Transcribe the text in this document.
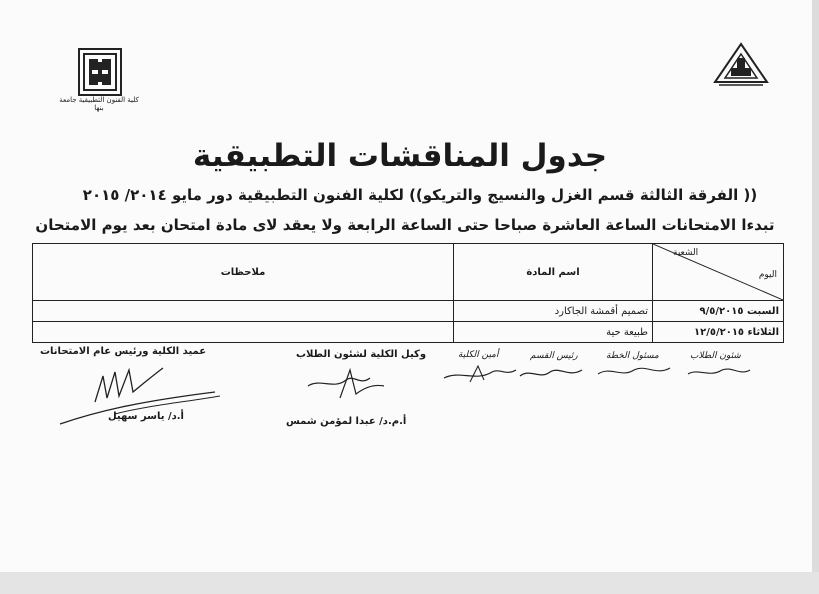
كلية الفنون التطبيقية جامعة بنها
جدول المناقشات التطبيقية
(( الفرقة الثالثة قسم الغزل والنسيج والتريكو)) لكلية الفنون التطبيقية دور مايو ٢٠١٤/ ٢٠١٥
تبدءا الامتحانات الساعة العاشرة صباحا حتى الساعة الرابعة ولا يعقد لاى مادة امتحان بعد يوم الامتحان
الشعبة
اليوم	اسم المادة	ملاحظات
السبت ٩/٥/٢٠١٥	تصميم أقمشة الجاكارد	
الثلاثاء ١٢/٥/٢٠١٥	طبيعة حية	
عميد الكلية ورئيس عام الامتحانات	وكيل الكلية لشئون الطلاب	أمين الكلية	رئيس القسم	مسئول الخطة	شئون الطلاب
أ.د/ ياسر سهيل	أ.م.د/ عبدا لمؤمن شمس
